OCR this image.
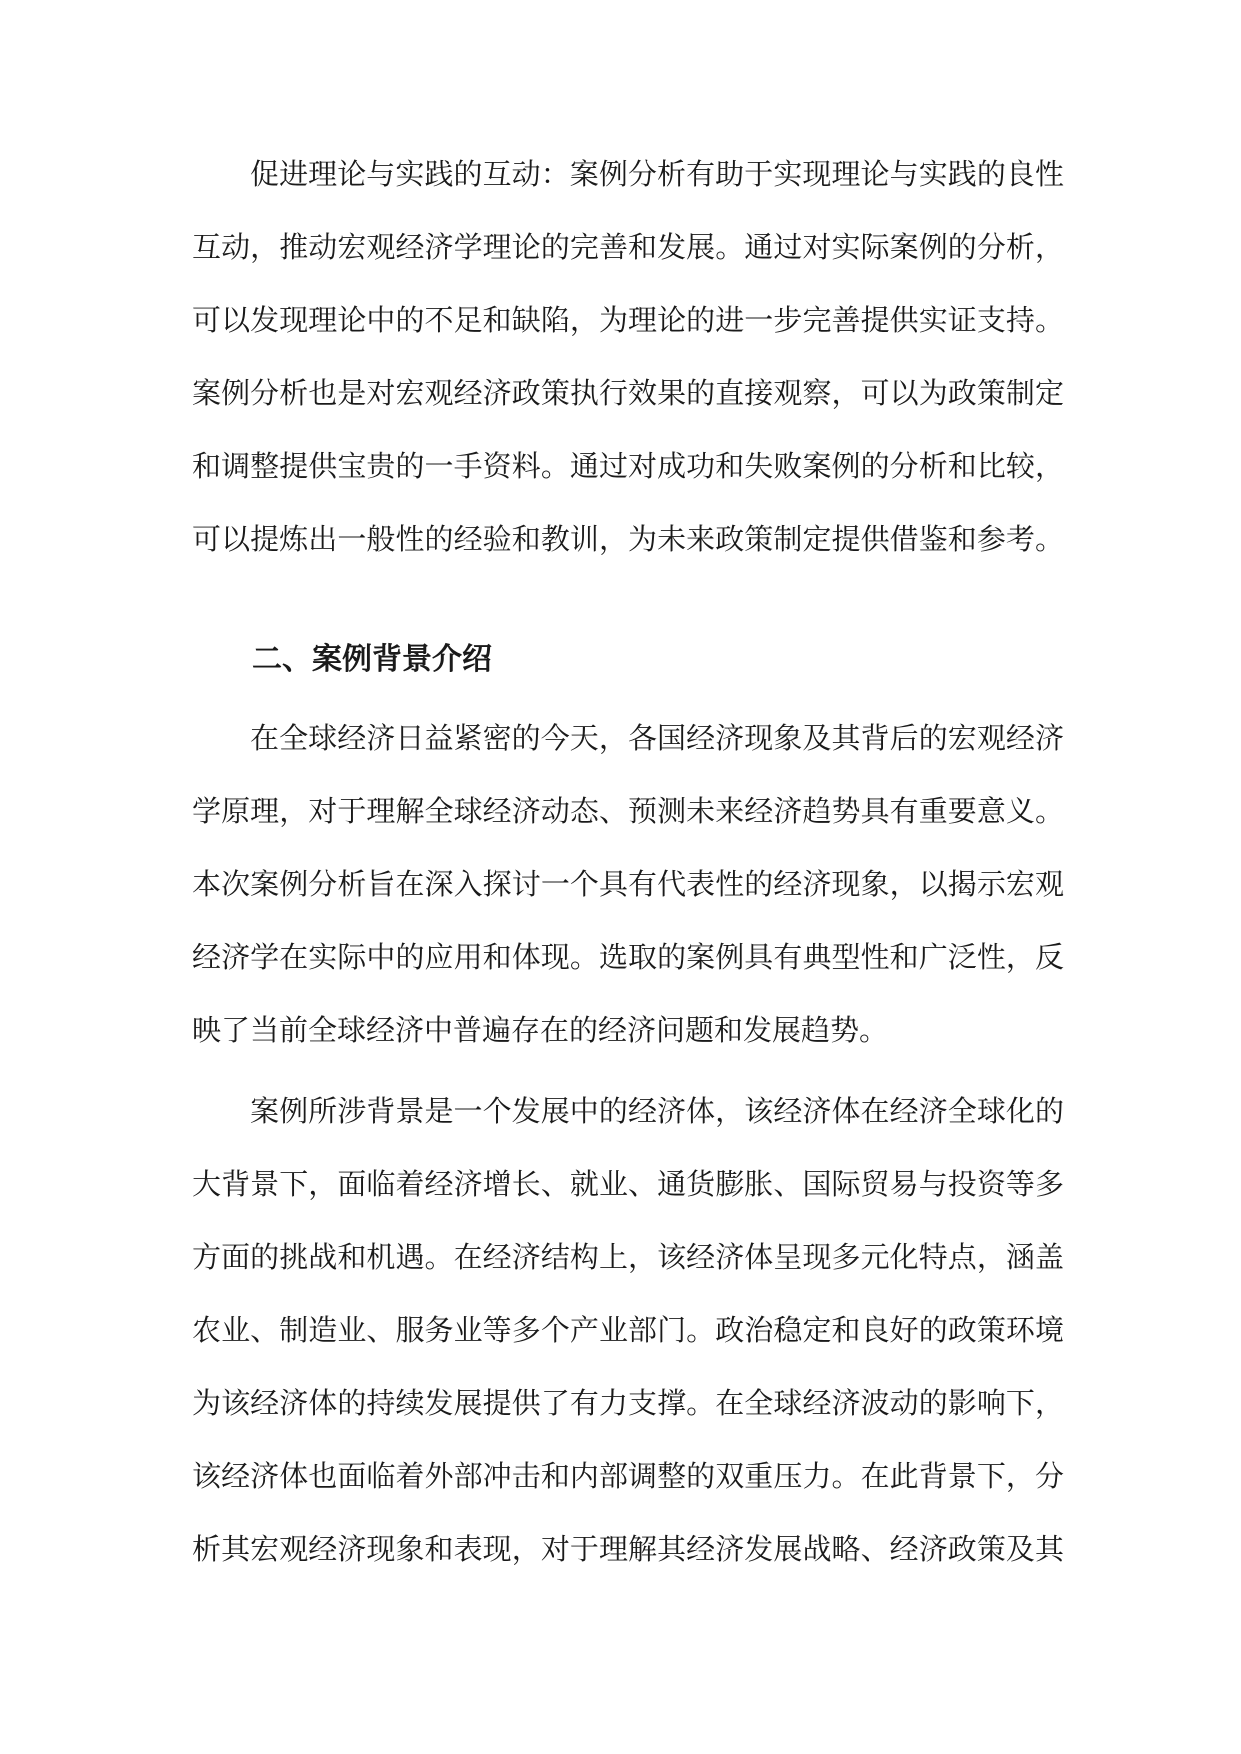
促进理论与实践的互动：案例分析有助于实现理论与实践的良性
互动，推动宏观经济学理论的完善和发展。通过对实际案例的分析，
可以发现理论中的不足和缺陷，为理论的进一步完善提供实证支持。
案例分析也是对宏观经济政策执行效果的直接观察，可以为政策制定
和调整提供宝贵的一手资料。通过对成功和失败案例的分析和比较，
可以提炼出一般性的经验和教训，为未来政策制定提供借鉴和参考。
二、案例背景介绍
在全球经济日益紧密的今天，各国经济现象及其背后的宏观经济
学原理，对于理解全球经济动态、预测未来经济趋势具有重要意义。
本次案例分析旨在深入探讨一个具有代表性的经济现象，以揭示宏观
经济学在实际中的应用和体现。选取的案例具有典型性和广泛性，反
映了当前全球经济中普遍存在的经济问题和发展趋势。
案例所涉背景是一个发展中的经济体，该经济体在经济全球化的
大背景下，面临着经济增长、就业、通货膨胀、国际贸易与投资等多
方面的挑战和机遇。在经济结构上，该经济体呈现多元化特点，涵盖
农业、制造业、服务业等多个产业部门。政治稳定和良好的政策环境
为该经济体的持续发展提供了有力支撑。在全球经济波动的影响下，
该经济体也面临着外部冲击和内部调整的双重压力。在此背景下，分
析其宏观经济现象和表现，对于理解其经济发展战略、经济政策及其
